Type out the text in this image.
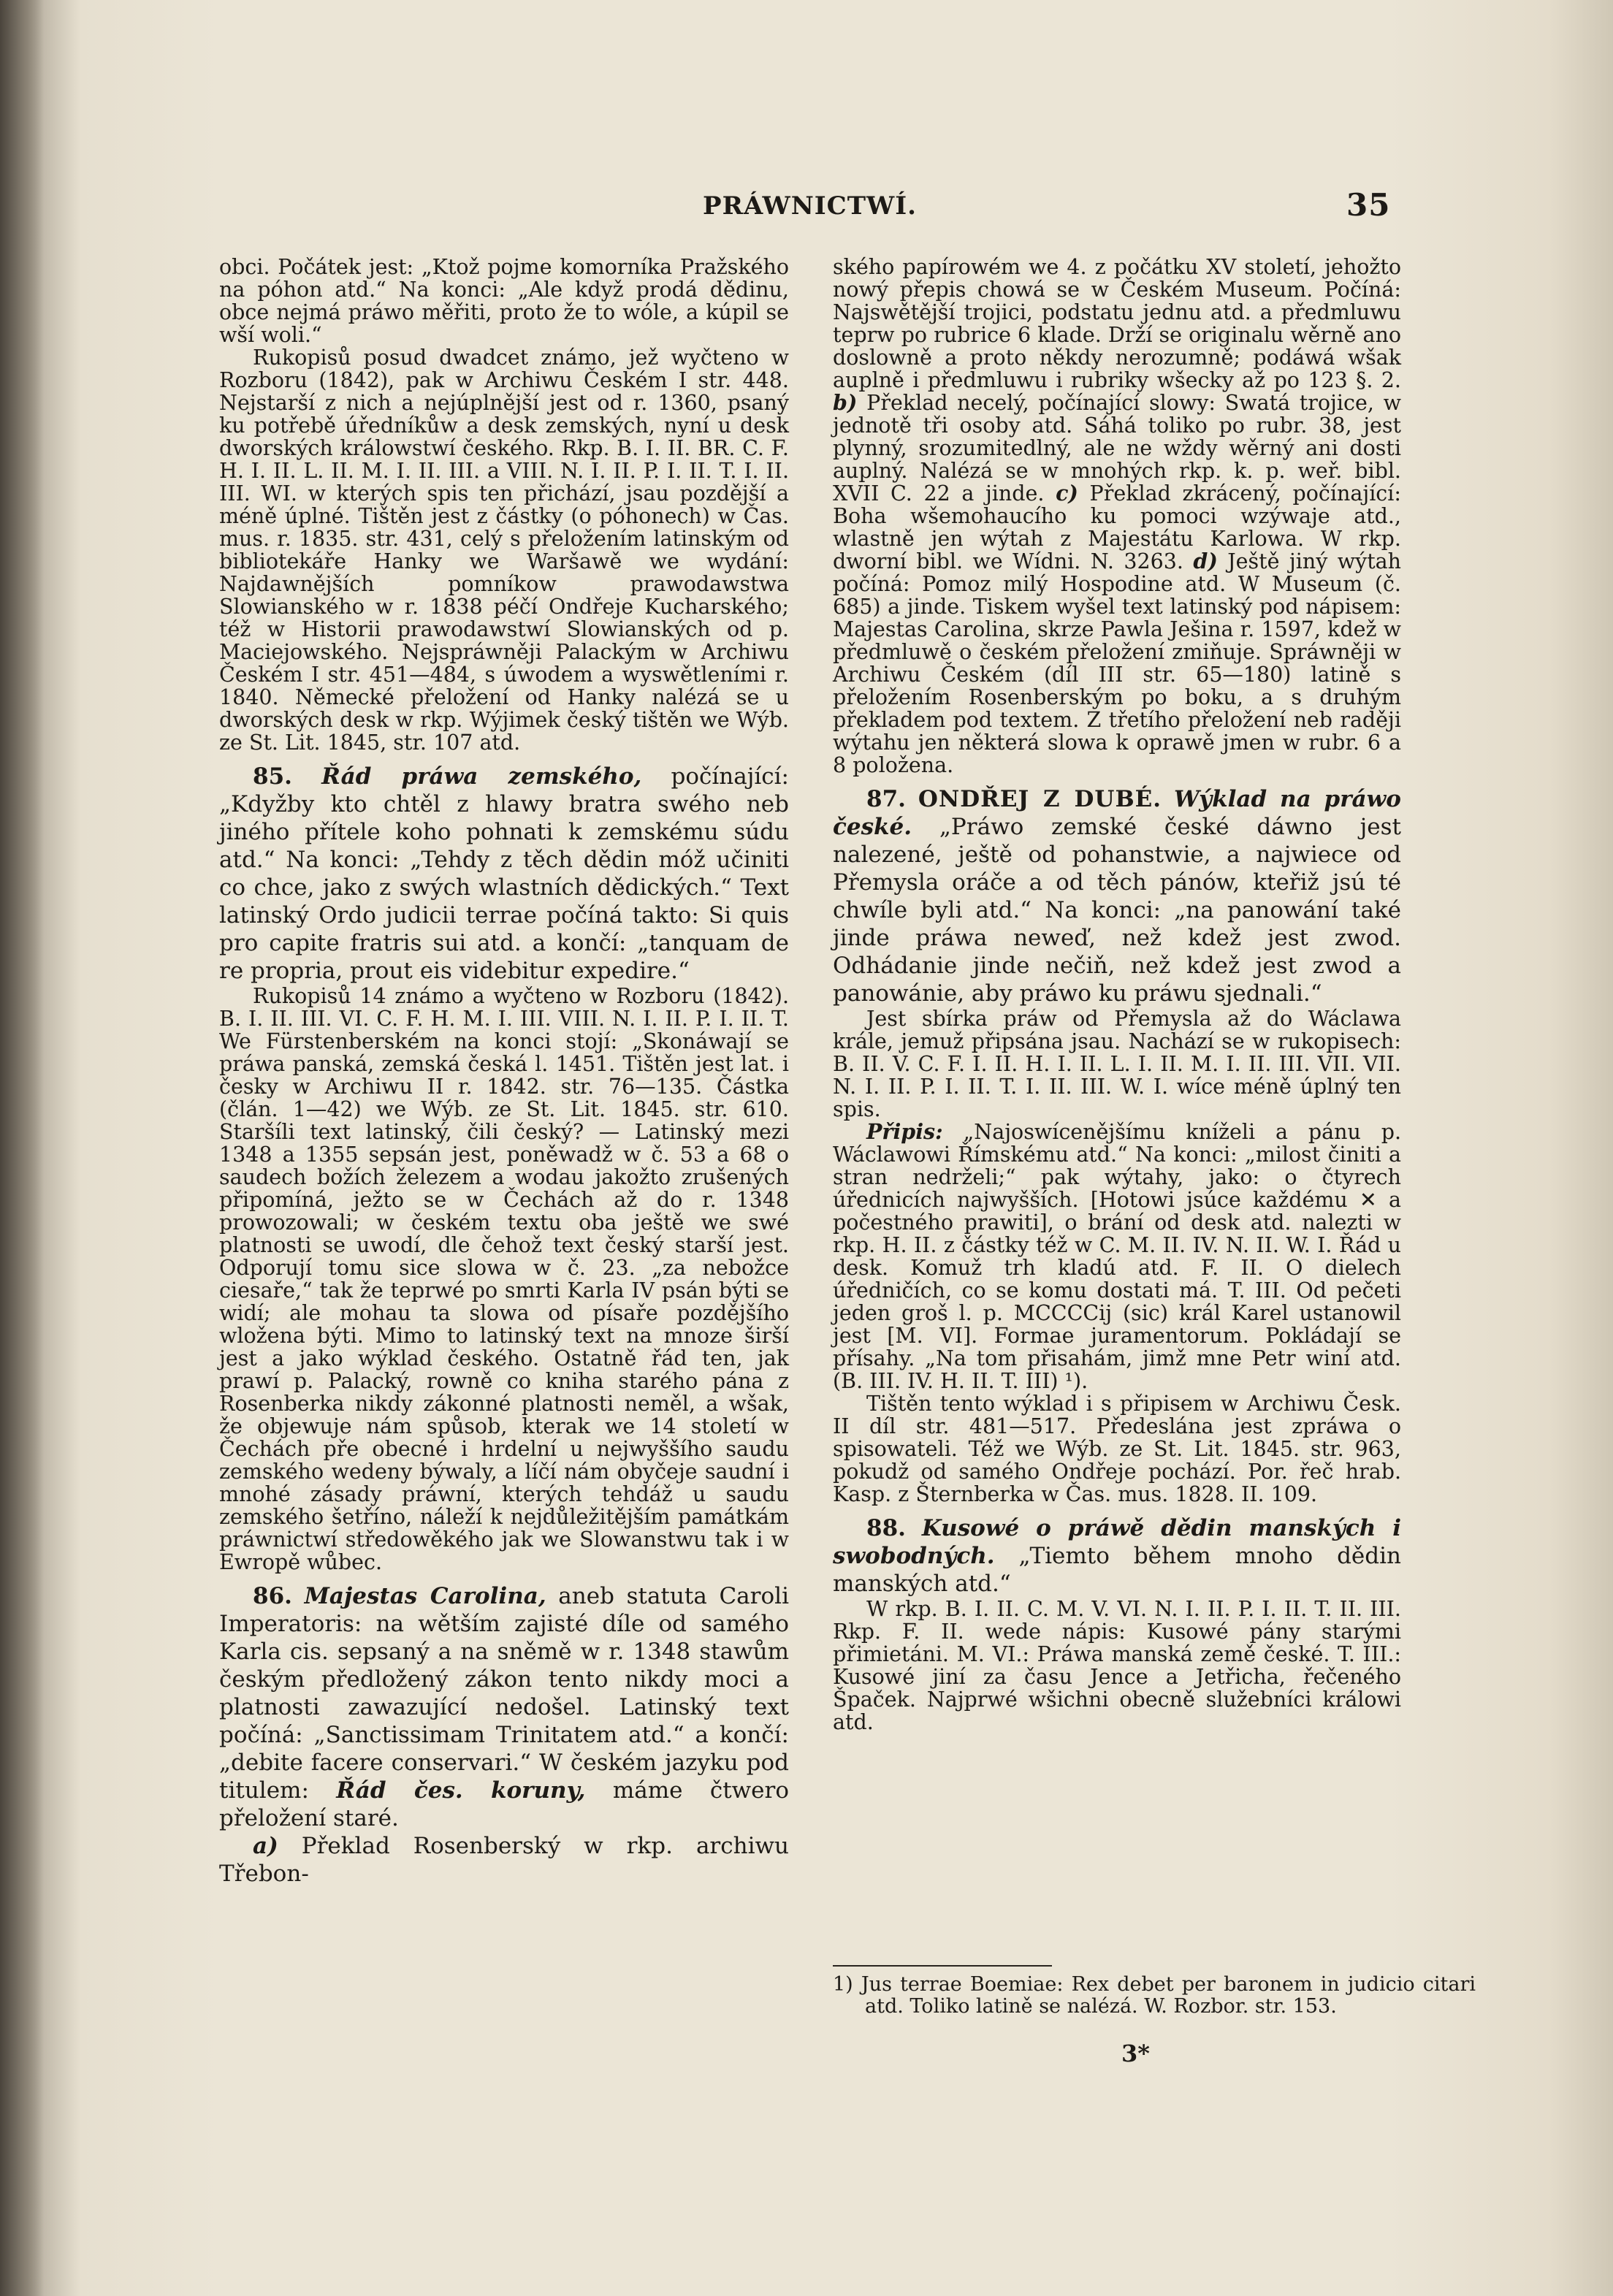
PRÁWNICTWÍ.	35

obci. Počátek jest: „Ktož pojme komorníka Pražského na póhon atd.“ Na konci: „Ale když prodá dědinu, obce nejmá práwo měřiti, proto že to wóle, a kúpil se wší woli.“

Rukopisů posud dwadcet známo, jež wyčteno w Rozboru (1842), pak w Archiwu Českém I str. 448. Nejstarší z nich a nejúplnější jest od r. 1360, psaný ku potřebě úředníkůw a desk zemských, nyní u desk dworských králowstwí českého. Rkp. B. I. II. BR. C. F. H. I. II. L. II. M. I. II. III. a VIII. N. I. II. P. I. II. T. I. II. III. WI. w kterých spis ten přichází, jsau pozdější a méně úplné. Tištěn jest z částky (o póhonech) w Čas. mus. r. 1835. str. 431, celý s přeložením latinským od bibliotekáře Hanky we Waršawě we wydání: Najdawnějších pomníkow prawodawstwa Slowianského w r. 1838 péčí Ondřeje Kucharského; též w Historii prawodawstwí Slowianských od p. Maciejowského. Nejspráwněji Palackým w Archiwu Českém I str. 451—484, s úwodem a wyswětleními r. 1840. Německé přeložení od Hanky nalézá se u dworských desk w rkp. Wýjimek český tištěn we Wýb. ze St. Lit. 1845, str. 107 atd.

85. Řád práwa zemského, počínající: „Kdyžby kto chtěl z hlawy bratra swého neb jiného přítele koho pohnati k zemskému súdu atd.“ Na konci: „Tehdy z těch dědin móž učiniti co chce, jako z swých wlastních dědických.“ Text latinský Ordo judicii terrae počíná takto: Si quis pro capite fratris sui atd. a končí: „tanquam de re propria, prout eis videbitur expedire.“

Rukopisů 14 známo a wyčteno w Rozboru (1842). B. I. II. III. VI. C. F. H. M. I. III. VIII. N. I. II. P. I. II. T. We Fürstenberském na konci stojí: „Skonáwají se práwa panská, zemská česká l. 1451. Tištěn jest lat. i česky w Archiwu II r. 1842. str. 76—135. Částka (člán. 1—42) we Wýb. ze St. Lit. 1845. str. 610. Staršíli text latinský, čili český? — Latinský mezi 1348 a 1355 sepsán jest, poněwadž w č. 53 a 68 o saudech božích železem a wodau jakožto zrušených připomíná, ježto se w Čechách až do r. 1348 prowozowali; w českém textu oba ještě we swé platnosti se uwodí, dle čehož text český starší jest. Odporují tomu sice slowa w č. 23. „za nebožce ciesaře,“ tak že teprwé po smrti Karla IV psán býti se widí; ale mohau ta slowa od písaře pozdějšího wložena býti. Mimo to latinský text na mnoze širší jest a jako wýklad českého. Ostatně řád ten, jak prawí p. Palacký, rowně co kniha starého pána z Rosenberka nikdy zákonné platnosti neměl, a wšak, že objewuje nám spůsob, kterak we 14 století w Čechách pře obecné i hrdelní u nejwyššího saudu zemského wedeny býwaly, a líčí nám obyčeje saudní i mnohé zásady práwní, kterých tehdáž u saudu zemského šetříno, náleží k nejdůležitějším památkám práwnictwí středowěkého jak we Slowanstwu tak i w Ewropě wůbec.

86. Majestas Carolina, aneb statuta Caroli Imperatoris: na wětším zajisté díle od samého Karla cis. sepsaný a na sněmě w r. 1348 stawům českým předložený zákon tento nikdy moci a platnosti zawazující nedošel. Latinský text počíná: „Sanctissimam Trinitatem atd.“ a končí: „debite facere conservari.“ W českém jazyku pod titulem: Řád čes. koruny, máme čtwero přeložení staré.

a) Překlad Rosenberský w rkp. archiwu Třebon-

ského papírowém we 4. z počátku XV století, jehožto nowý přepis chowá se w Českém Museum. Počíná: Najswětější trojici, podstatu jednu atd. a předmluwu teprw po rubrice 6 klade. Drží se originalu wěrně ano doslowně a proto někdy nerozumně; podáwá wšak auplně i předmluwu i rubriky wšecky až po 123 §. 2. b) Překlad necelý, počínající slowy: Swatá trojice, w jednotě tři osoby atd. Sáhá toliko po rubr. 38, jest plynný, srozumitedlný, ale ne wždy wěrný ani dosti auplný. Nalézá se w mnohých rkp. k. p. weř. bibl. XVII C. 22 a jinde. c) Překlad zkrácený, počínající: Boha wšemohaucího ku pomoci wzýwaje atd., wlastně jen wýtah z Majestátu Karlowa. W rkp. dworní bibl. we Wídni. N. 3263. d) Ještě jiný wýtah počíná: Pomoz milý Hospodine atd. W Museum (č. 685) a jinde. Tiskem wyšel text latinský pod nápisem: Majestas Carolina, skrze Pawla Ješina r. 1597, kdež w předmluwě o českém přeložení zmiňuje. Spráwněji w Archiwu Českém (díl III str. 65—180) latině s přeložením Rosenberským po boku, a s druhým překladem pod textem. Z třetího přeložení neb raději wýtahu jen některá slowa k oprawě jmen w rubr. 6 a 8 položena.

87. ONDŘEJ Z DUBÉ. Wýklad na práwo české. „Práwo zemské české dáwno jest nalezené, ještě od pohanstwie, a najwiece od Přemysla oráče a od těch pánów, kteřiž jsú té chwíle byli atd.“ Na konci: „na panowání také jinde práwa neweď, než kdež jest zwod. Odhádanie jinde nečiň, než kdež jest zwod a panowánie, aby práwo ku práwu sjednali.“

Jest sbírka práw od Přemysla až do Wáclawa krále, jemuž připsána jsau. Nachází se w rukopisech: B. II. V. C. F. I. II. H. I. II. L. I. II. M. I. II. III. VII. VII. N. I. II. P. I. II. T. I. II. III. W. I. wíce méně úplný ten spis.

Připis: „Najoswícenějšímu kníželi a pánu p. Wáclawowi Římskému atd.“ Na konci: „milost činiti a stran nedrželi;“ pak wýtahy, jako: o čtyrech úřednicích najwyšších. [Hotowi jsúce každému ✕ a počestného prawiti], o brání od desk atd. nalezti w rkp. H. II. z částky též w C. M. II. IV. N. II. W. I. Řád u desk. Komuž trh kladú atd. F. II. O dielech úředničích, co se komu dostati má. T. III. Od pečeti jeden groš l. p. MCCCCij (sic) král Karel ustanowil jest [M. VI]. Formae juramentorum. Pokládají se přísahy. „Na tom přisahám, jimž mne Petr winí atd. (B. III. IV. H. II. T. III) ¹).

Tištěn tento wýklad i s připisem w Archiwu Česk. II díl str. 481—517. Předeslána jest zpráwa o spisowateli. Též we Wýb. ze St. Lit. 1845. str. 963, pokudž od samého Ondřeje pochází. Por. řeč hrab. Kasp. z Šternberka w Čas. mus. 1828. II. 109.

88. Kusowé o práwě dědin manských i swobodných. „Tiemto během mnoho dědin manských atd.“

W rkp. B. I. II. C. M. V. VI. N. I. II. P. I. II. T. II. III. Rkp. F. II. wede nápis: Kusowé pány starými přimietáni. M. VI.: Práwa manská země české. T. III.: Kusowé jiní za času Jence a Jetřicha, řečeného Špaček. Najprwé wšichni obecně služebníci králowi atd.

1) Jus terrae Boemiae: Rex debet per baronem in judicio citari atd. Toliko latině se nalézá. W. Rozbor. str. 153.

3*
